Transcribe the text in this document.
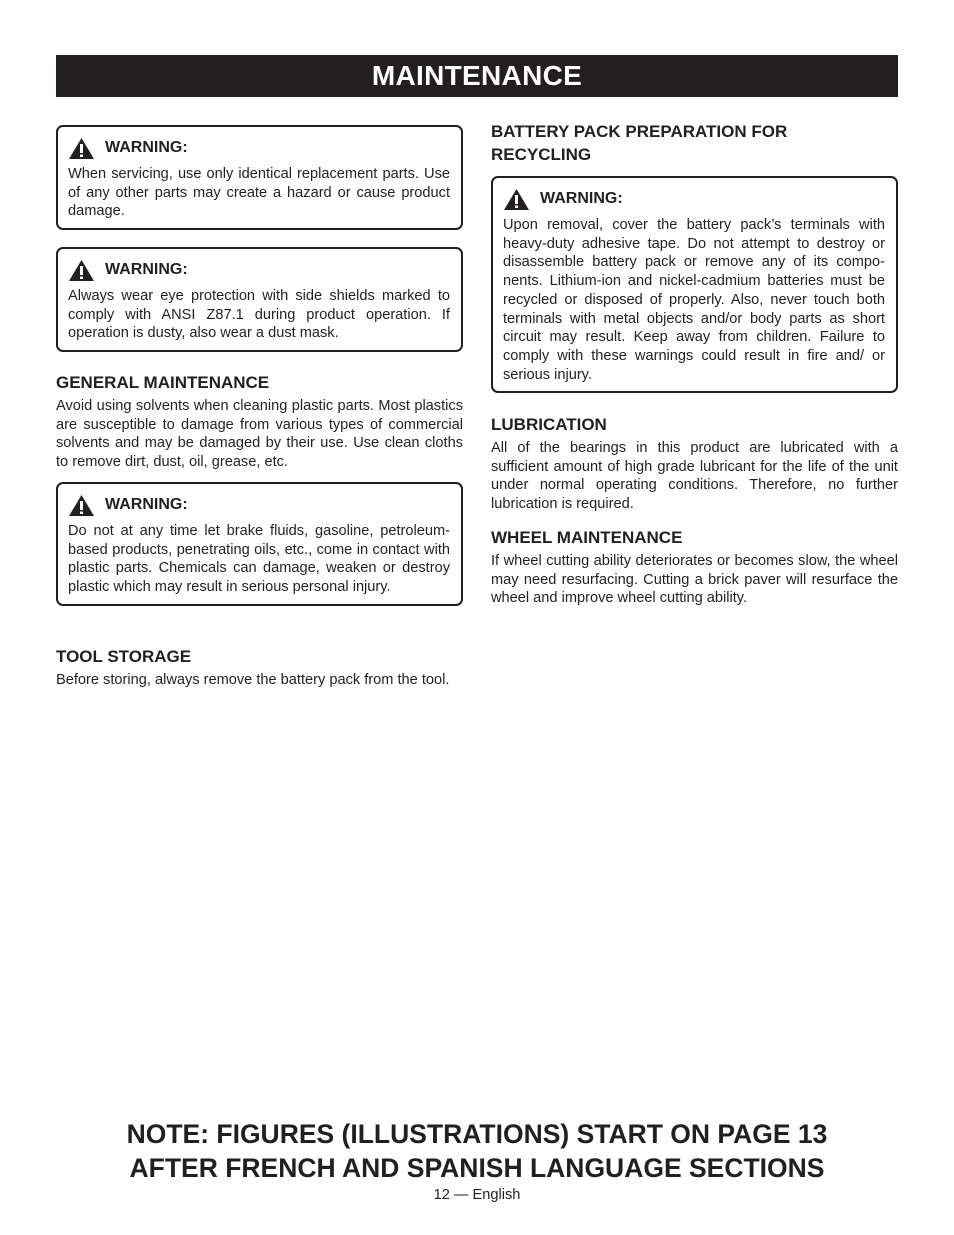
MAINTENANCE
WARNING:
When servicing, use only identical replacement parts. Use of any other parts may create a hazard or cause product damage.
WARNING:
Always wear eye protection with side shields marked to comply with ANSI Z87.1 during product operation. If operation is dusty, also wear a dust mask.
GENERAL MAINTENANCE
Avoid using solvents when cleaning plastic parts. Most plastics are susceptible to damage from various types of commercial solvents and may be damaged by their use. Use clean cloths to remove dirt, dust, oil, grease, etc.
WARNING:
Do not at any time let brake fluids, gasoline, petroleum-based products, penetrating oils, etc., come in contact with plastic parts. Chemicals can damage, weaken or destroy plastic which may result in serious personal injury.
TOOL STORAGE
Before storing, always remove the battery pack from the tool.
BATTERY PACK PREPARATION FOR
RECYCLING
WARNING:
Upon removal, cover the battery pack’s terminals with heavy-duty adhesive tape. Do not attempt to destroy or disassemble battery pack or remove any of its compo-nents. Lithium-ion and nickel-cadmium batteries must be recycled or disposed of properly. Also, never touch both terminals with metal objects and/or body parts as short circuit may result. Keep away from children. Failure to comply with these warnings could result in fire and/ or serious injury.
LUBRICATION
All of the bearings in this product are lubricated with a sufficient amount of high grade lubricant for the life of the unit under normal operating conditions. Therefore, no further lubrication is required.
WHEEL MAINTENANCE
If wheel cutting ability deteriorates or becomes slow, the wheel may need resurfacing. Cutting a brick paver will resurface the wheel and improve wheel cutting ability.
NOTE: FIGURES (ILLUSTRATIONS) START ON PAGE 13
AFTER FRENCH AND SPANISH LANGUAGE SECTIONS
12 — English
